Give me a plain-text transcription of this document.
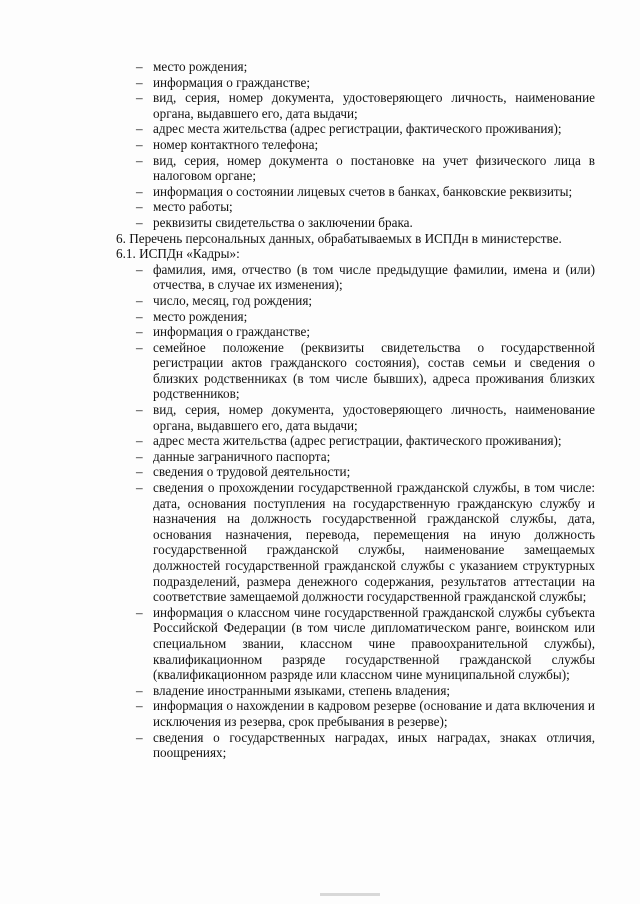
– место рождения;
– информация о гражданстве;
– вид, серия, номер документа, удостоверяющего личность, наименование органа, выдавшего его, дата выдачи;
– адрес места жительства (адрес регистрации, фактического проживания);
– номер контактного телефона;
– вид, серия, номер документа о постановке на учет физического лица в налоговом органе;
– информация о состоянии лицевых счетов в банках, банковские реквизиты;
– место работы;
– реквизиты свидетельства о заключении брака.
6. Перечень персональных данных, обрабатываемых в ИСПДн в министерстве.
6.1. ИСПДн «Кадры»:
– фамилия, имя, отчество (в том числе предыдущие фамилии, имена и (или) отчества, в случае их изменения);
– число, месяц, год рождения;
– место рождения;
– информация о гражданстве;
– семейное положение (реквизиты свидетельства о государственной регистрации актов гражданского состояния), состав семьи и сведения о близких родственниках (в том числе бывших), адреса проживания близких родственников;
– вид, серия, номер документа, удостоверяющего личность, наименование органа, выдавшего его, дата выдачи;
– адрес места жительства (адрес регистрации, фактического проживания);
– данные заграничного паспорта;
– сведения о трудовой деятельности;
– сведения о прохождении государственной гражданской службы, в том числе: дата, основания поступления на государственную гражданскую службу и назначения на должность государственной гражданской службы, дата, основания назначения, перевода, перемещения на иную должность государственной гражданской службы, наименование замещаемых должностей государственной гражданской службы с указанием структурных подразделений, размера денежного содержания, результатов аттестации на соответствие замещаемой должности государственной гражданской службы;
– информация о классном чине государственной гражданской службы субъекта Российской Федерации (в том числе дипломатическом ранге, воинском или специальном звании, классном чине правоохранительной службы), квалификационном разряде государственной гражданской службы (квалификационном разряде или классном чине муниципальной службы);
– владение иностранными языками, степень владения;
– информация о нахождении в кадровом резерве (основание и дата включения и исключения из резерва, срок пребывания в резерве);
– сведения о государственных наградах, иных наградах, знаках отличия, поощрениях;
